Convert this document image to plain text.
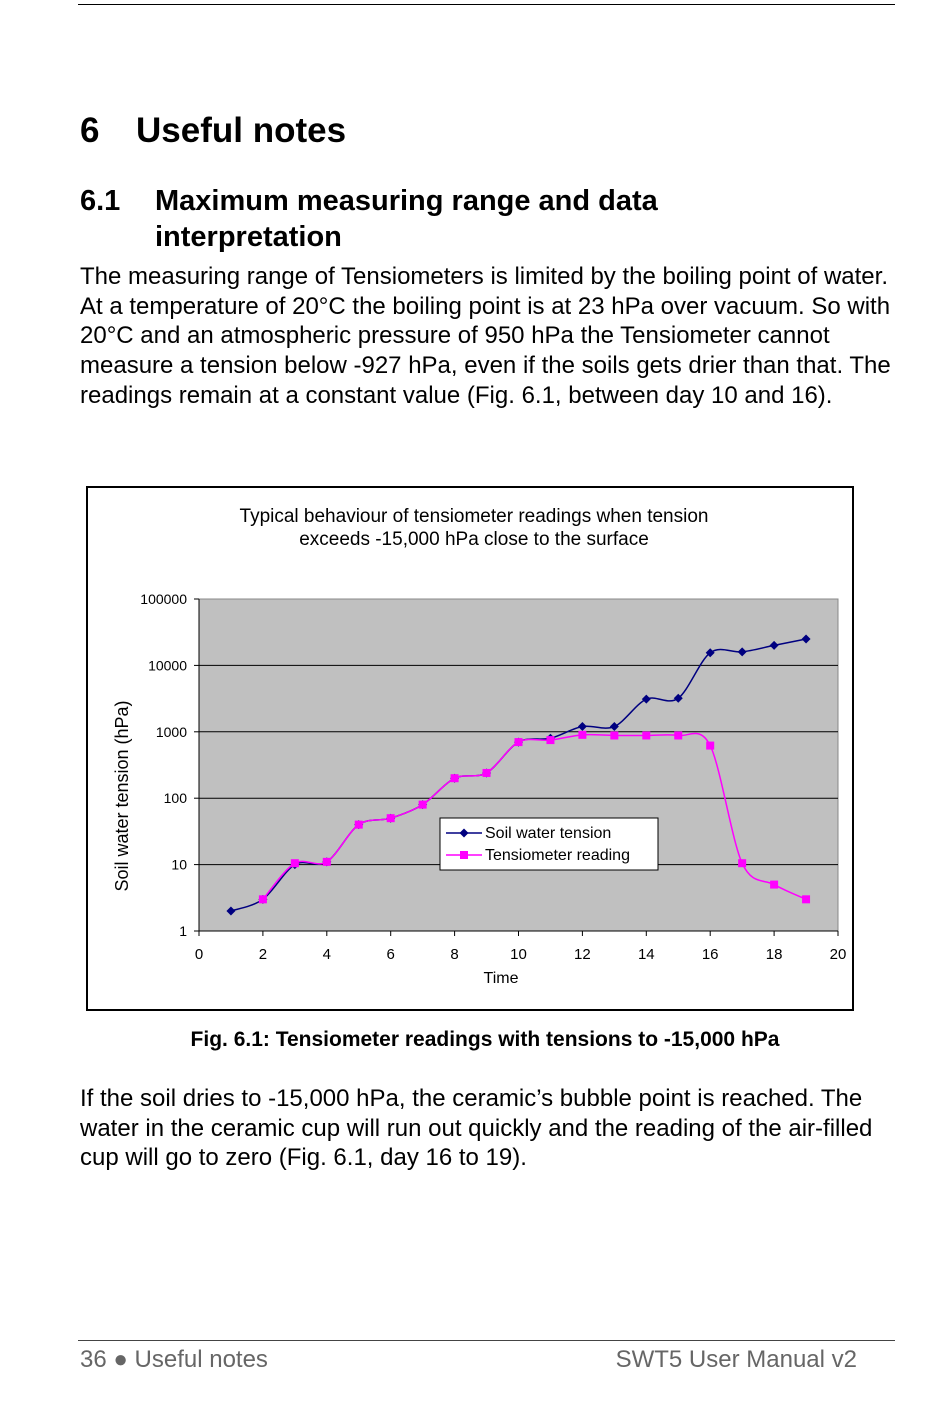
6 Useful notes
6.1 Maximum measuring range and data interpretation
The measuring range of Tensiometers is limited by the boiling point of water. At a temperature of 20°C the boiling point is at 23 hPa over vacuum. So with 20°C and an atmospheric pressure of 950 hPa the Tensiometer cannot measure a tension below -927 hPa, even if the soils gets drier than that. The readings remain at a constant value (Fig. 6.1, between day 10 and 16).
Typical behaviour of tensiometer readings when tension
exceeds -15,000 hPa close to the surface
1
10
100
1000
10000
100000
0	2	4	6	8	10	12	14	16	18	20
Soil water tension
Tensiometer reading
Time
Soil water tension (hPa)
Fig. 6.1: Tensiometer readings with tensions to -15,000 hPa
If the soil dries to -15,000 hPa, the ceramic’s bubble point is reached. The water in the ceramic cup will run out quickly and the reading of the air-filled cup will go to zero (Fig. 6.1, day 16 to 19).
36 ● Useful notes	SWT5 User Manual v2
